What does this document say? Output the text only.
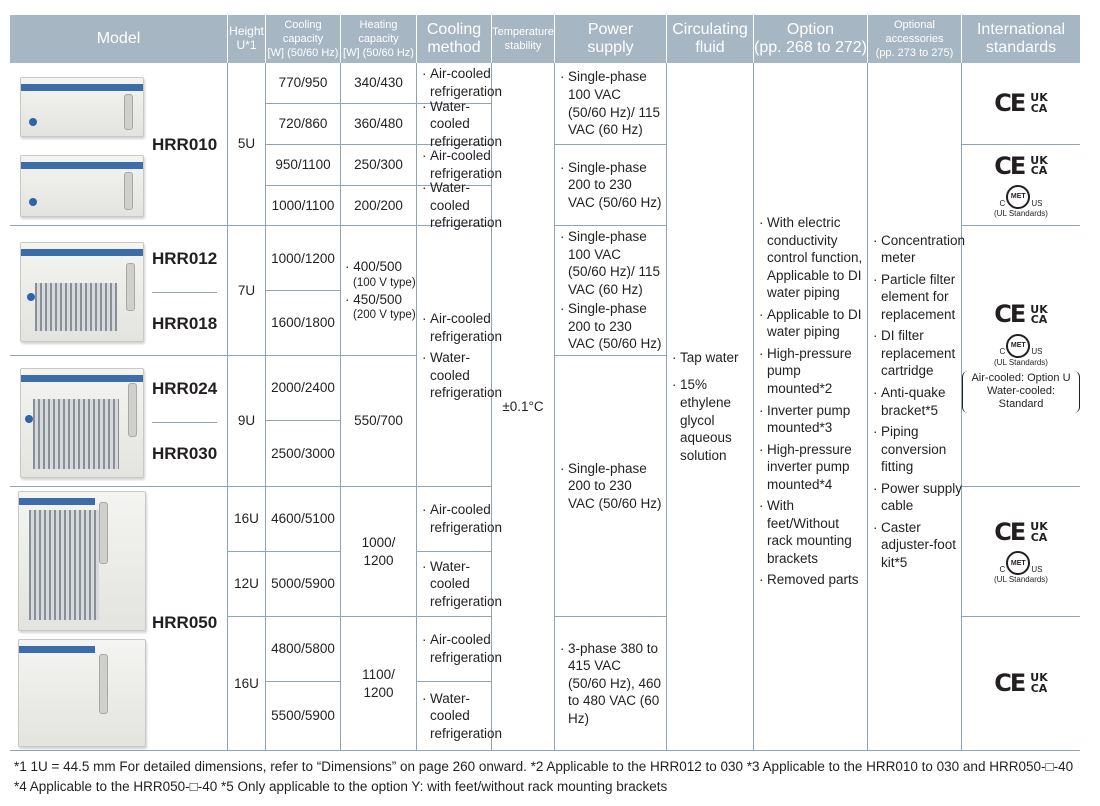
Model	Height
U*1
Cooling capacity
[W] (50/60 Hz)
Heating capacity
[W] (50/60 Hz)
Cooling method
Temperature stability
Power supply
Circulating fluid
Option
(pp. 268 to 272)
Optional accessories
(pp. 273 to 275)
International standards
HRR010
HRR012
HRR018
HRR024
HRR030
HRR050
5U
7U
9U
16U
12U
16U
770/950
720/860
950/1100
1000/1100
1000/1200
1600/1800
2000/2400
2500/3000
4600/5100
5000/5900
4800/5800
5500/5900
340/430
360/480
250/300
200/200
· 400/500
(100 V type)
· 450/500
(200 V type)
550/700
1000/
1200
1100/
1200
· Air-cooled refrigeration
· Water-cooled refrigeration
· Air-cooled refrigeration
· Water-cooled refrigeration
· Air-cooled
refrigeration
· Water-
cooled
refrigeration
· Air-cooled
refrigeration
· Water-
cooled
refrigeration
· Air-cooled
refrigeration
· Water-
cooled
refrigeration
±0.1°C
· Single-phase 100 VAC (50/60 Hz)/ 115 VAC (60 Hz)
· Single-phase 200 to 230 VAC (50/60 Hz)
· Single-phase 100 VAC (50/60 Hz)/ 115 VAC (60 Hz)
· Single-phase 200 to 230 VAC (50/60 Hz)
· Single-phase 200 to 230 VAC (50/60 Hz)
· 3-phase 380 to 415 VAC (50/60 Hz), 460 to 480 VAC (60 Hz)
· Tap water
· 15% ethylene glycol aqueous solution
· With electric conductivity control function, Applicable to DI water piping
· Applicable to DI water piping
· High-pressure pump mounted*2
· Inverter pump mounted*3
· High-pressure inverter pump mounted*4
· With feet/Without rack mounting brackets
· Removed parts
· Concentration meter
· Particle filter element for replacement
· DI filter replacement cartridge
· Anti-quake bracket*5
· Piping conversion fitting
· Power supply cable
· Caster adjuster-foot kit*5
CE UK
CA
CE UK
CA
C
MET
US
(UL Standards)
CE UK
CA
C
MET
US
(UL Standards)
Air-cooled: Option U
Water-cooled: Standard
CE UK
CA
C
MET
US
(UL Standards)
CE UK
CA
*1 1U = 44.5 mm For detailed dimensions, refer to “Dimensions” on page 260 onward. *2 Applicable to the HRR012 to 030 *3 Applicable to the HRR010 to 030 and HRR050-□-40
*4 Applicable to the HRR050-□-40 *5 Only applicable to the option Y: with feet/without rack mounting brackets
